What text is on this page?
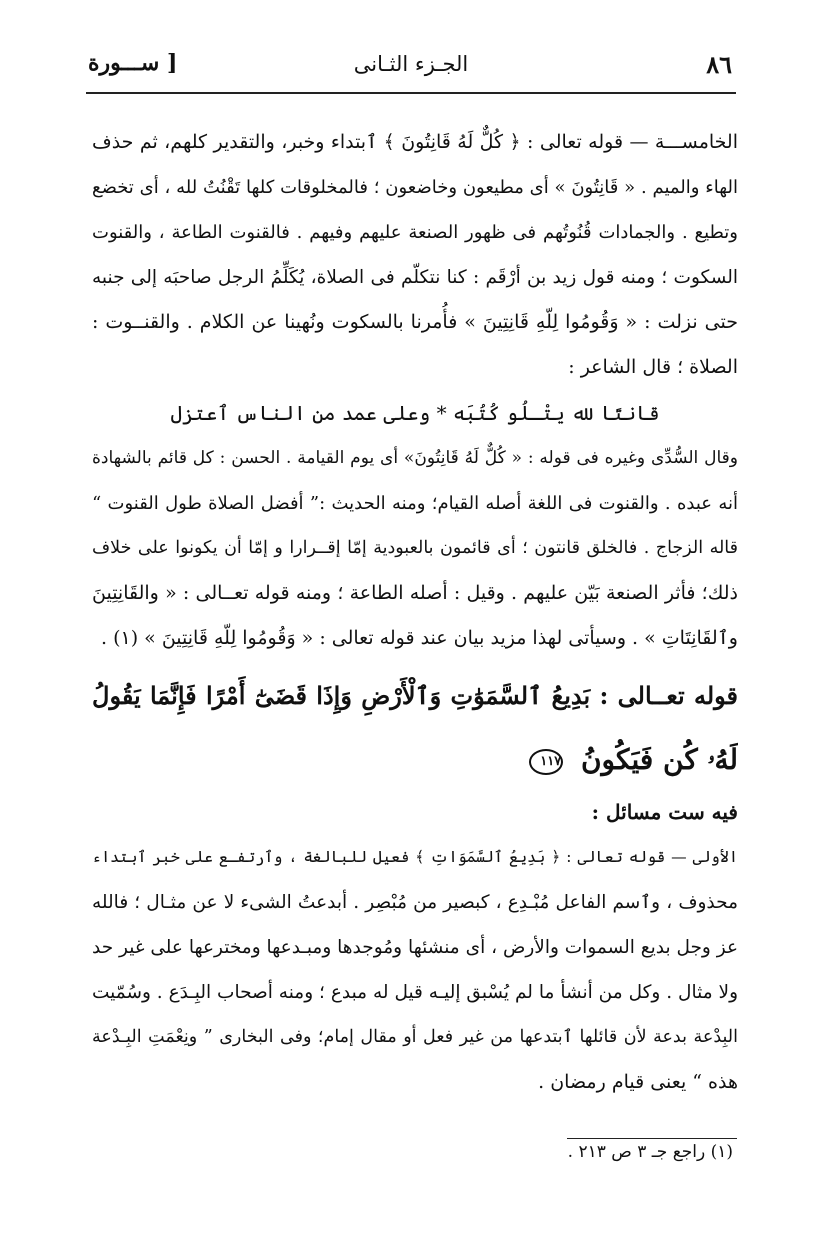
٨٦
الجـزء الثـانى
[ ســـورة
الخامســـة — قوله تعالى : ﴿ كُلٌّ لَهُ قَانِتُونَ ﴾ ٱبتداء وخبر، والتقدير كلهم، ثم حذف
الهاء والميم . « قَانِتُونَ » أى مطيعون وخاضعون ؛ فالمخلوقات كلها تَقْنُتُ لله ، أى تخضع
وتطيع . والجمادات قُنُوتُهم فى ظهور الصنعة عليهم وفيهم . فالقنوت الطاعة ، والقنوت
السكوت ؛ ومنه قول زيد بن أرْقَم : كنا نتكلّم فى الصلاة، يُكَلِّمُ الرجل صاحبَه إلى جنبه
حتى نزلت : « وَقُومُوا لِلّهِ قَانِتِينَ » فأُمرنا بالسكوت ونُهينا عن الكلام . والقنــوت :
الصلاة ؛ قال الشاعر :
قانتًا لله يتْـلُو كُتُبَه * وعلى عمد من الناس ٱعتزل
وقال السُّدِّى وغيره فى قوله : « كُلٌّ لَهُ قَانِتُونَ» أى يوم القيامة . الحسن : كل قائم بالشهادة
أنه عبده . والقنوت فى اللغة أصله القيام؛ ومنه الحديث :” أفضل الصلاة طول القنوت “
قاله الزجاج . فالخلق قانتون ؛ أى قائمون بالعبودية إمّا إقــرارا و إمّا أن يكونوا على خلاف
ذلك؛ فأثر الصنعة بَيّن عليهم . وقيل : أصله الطاعة ؛ ومنه قوله تعــالى : « والقَانِتِينَ
وٱلقَانِتَاتِ » . وسيأتى لهذا مزيد بيان عند قوله تعالى : « وَقُومُوا لِلّهِ قَانِتِينَ » (١) .
قوله تعــالى : بَدِيعُ ٱلسَّمَوَٰتِ وَٱلْأَرْضِ وَإِذَا قَضَىٰٓ أَمْرًا فَإِنَّمَا يَقُولُ
لَهُۥ كُن فَيَكُونُ ١١٧
فيه ست مسائل :
الأولى — قوله تعالى : ﴿ بَدِيعُ ٱلسَّمَوَاتِ ﴾ فعيل للبالغة ، وٱرتفـع على خبر ٱبتداء
محذوف ، وٱسم الفاعل مُبْـدِع ، كبصير من مُبْصِر . أبدعتُ الشىء لا عن مثـال ؛ فالله
عز وجل بديع السموات والأرض ، أى منشئها ومُوجدها ومبـدعها ومخترعها على غير حد
ولا مثال . وكل من أنشأ ما لم يُسْبق إليـه قيل له مبدع ؛ ومنه أصحاب البِـدَع . وسُمّيت
البِدْعة بدعة لأن قائلها ٱبتدعها من غير فعل أو مقال إمام؛ وفى البخارى ” ونِعْمَتِ البِـدْعة
هذه “ يعنى قيام رمضان .
(١) راجع جـ ٣ ص ٢١٣ .
